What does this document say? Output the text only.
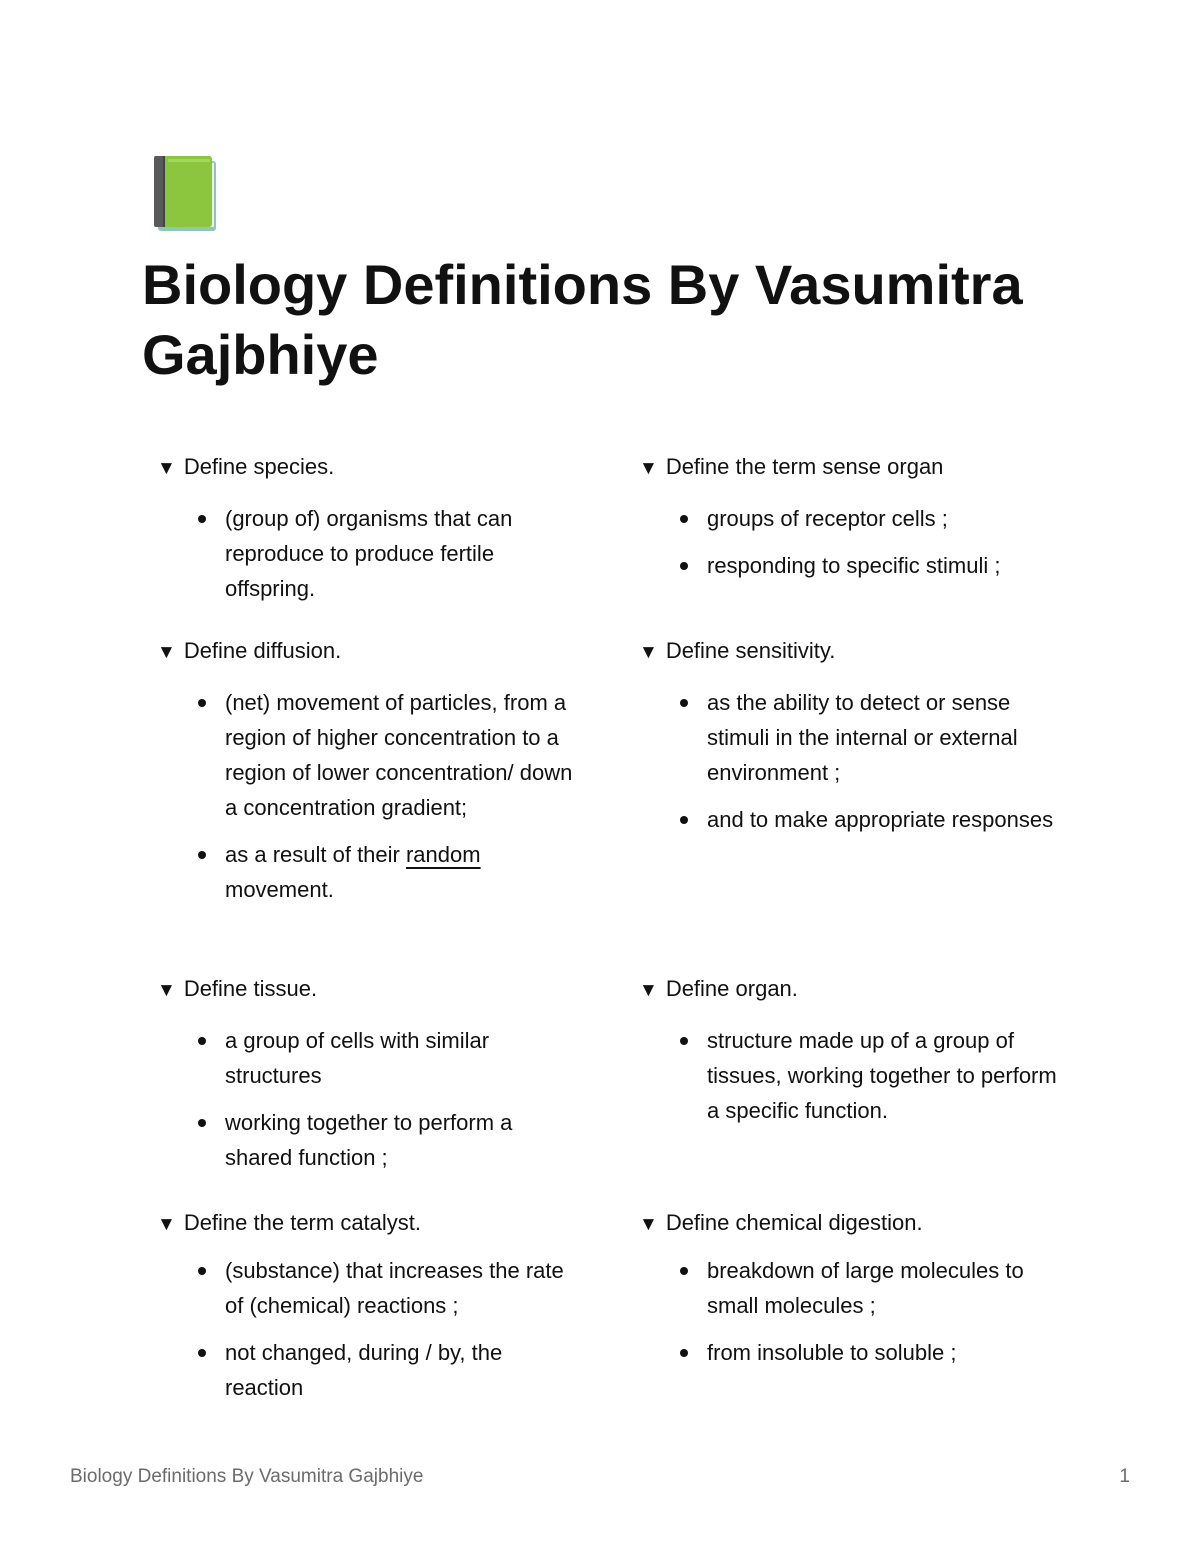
Biology Definitions By Vasumitra Gajbhiye
▼ Define species.
(group of) organisms that can reproduce to produce fertile offspring.
▼ Define the term sense organ
groups of receptor cells ;
responding to specific stimuli ;
▼ Define diffusion.
(net) movement of particles, from a region of higher concentration to a region of lower concentration/ down a concentration gradient;
as a result of their random movement.
▼ Define sensitivity.
as the ability to detect or sense stimuli in the internal or external environment ;
and to make appropriate responses
▼ Define tissue.
a group of cells with similar structures
working together to perform a shared function ;
▼ Define organ.
structure made up of a group of tissues, working together to perform a specific function.
▼ Define the term catalyst.
(substance) that increases the rate of (chemical) reactions ;
not changed, during / by, the reaction
▼ Define chemical digestion.
breakdown of large molecules to small molecules ;
from insoluble to soluble ;
Biology Definitions By Vasumitra Gajbhiye	1
